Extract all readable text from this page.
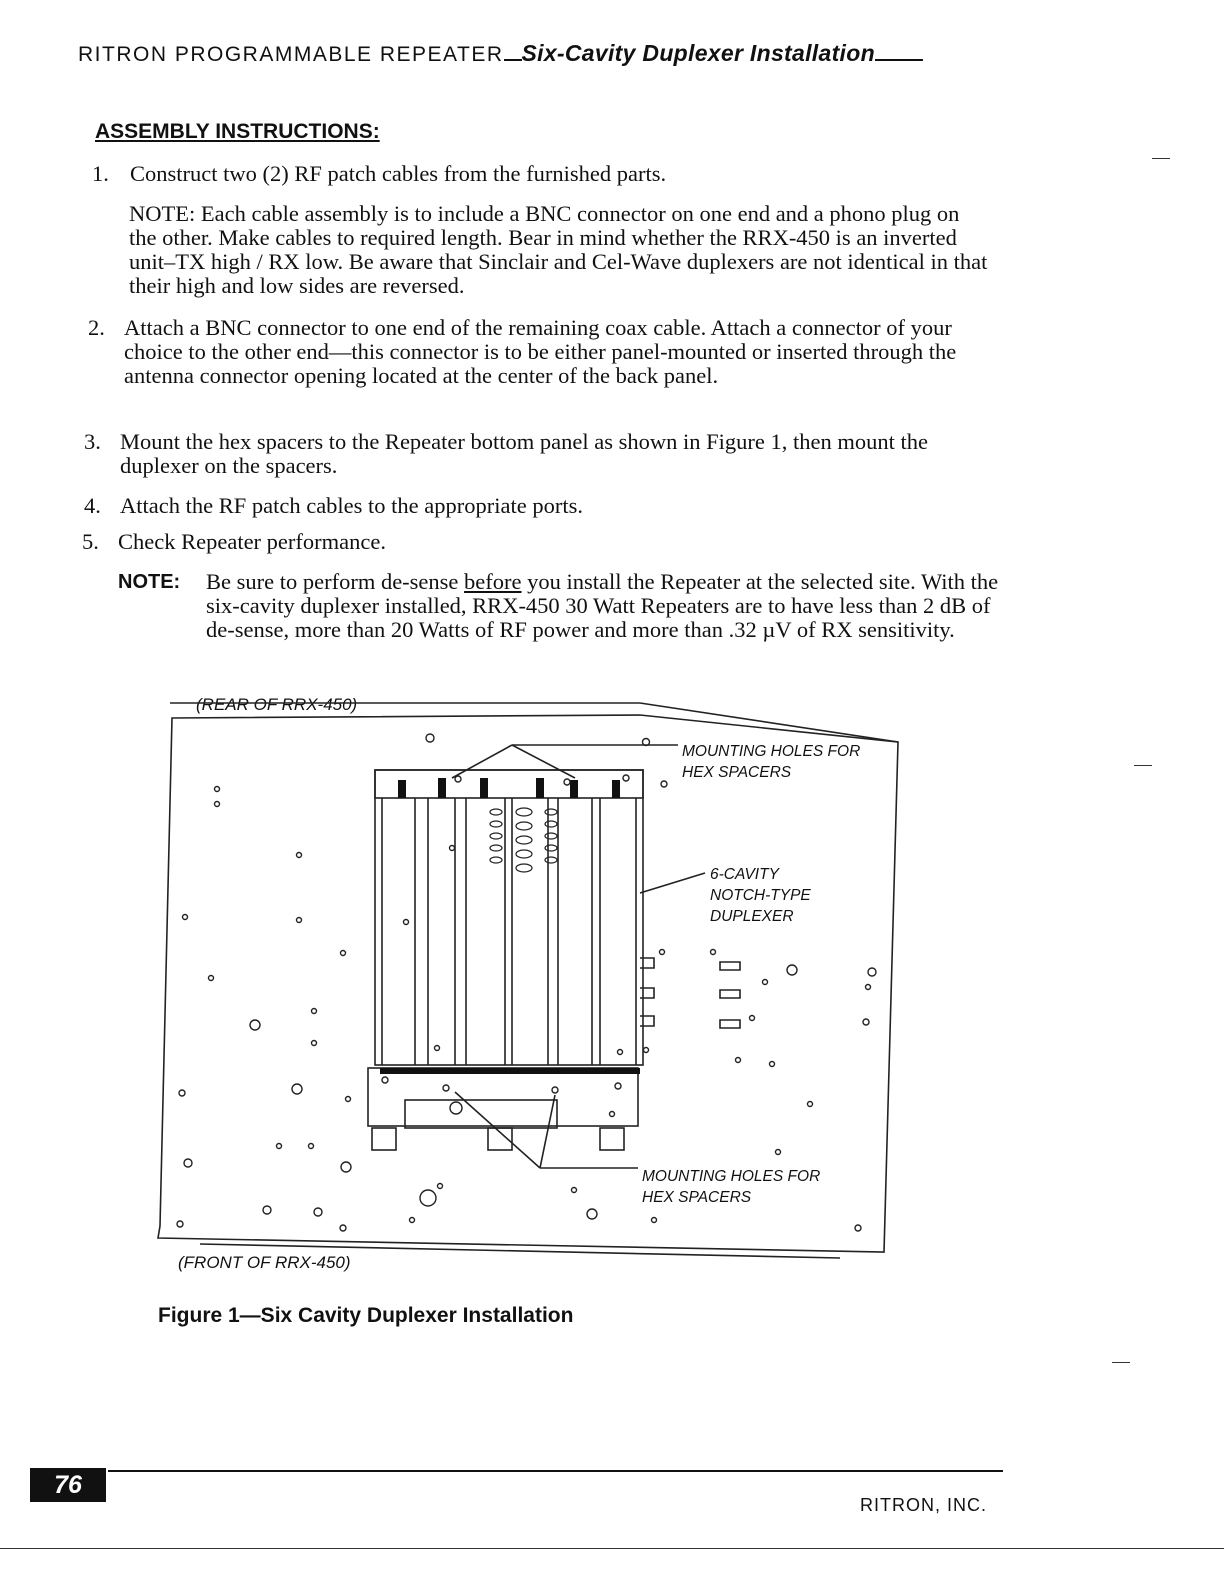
RITRON PROGRAMMABLE REPEATER Six-Cavity Duplexer Installation
ASSEMBLY INSTRUCTIONS:
1. Construct two (2) RF patch cables from the furnished parts.
NOTE: Each cable assembly is to include a BNC connector on one end and a phono plug on the other. Make cables to required length. Bear in mind whether the RRX-450 is an inverted unit–TX high / RX low. Be aware that Sinclair and Cel-Wave duplexers are not identical in that their high and low sides are reversed.
2. Attach a BNC connector to one end of the remaining coax cable. Attach a connector of your choice to the other end—this connector is to be either panel-mounted or inserted through the antenna connector opening located at the center of the back panel.
3. Mount the hex spacers to the Repeater bottom panel as shown in Figure 1, then mount the duplexer on the spacers.
4. Attach the RF patch cables to the appropriate ports.
5. Check Repeater performance.
NOTE: Be sure to perform de-sense before you install the Repeater at the selected site. With the six-cavity duplexer installed, RRX-450 30 Watt Repeaters are to have less than 2 dB of de-sense, more than 20 Watts of RF power and more than .32 µV of RX sensitivity.
(REAR OF RRX-450)
MOUNTING HOLES FOR
HEX SPACERS
6-CAVITY
NOTCH-TYPE
DUPLEXER
MOUNTING HOLES FOR
HEX SPACERS
(FRONT OF RRX-450)
Figure 1—Six Cavity Duplexer Installation
76
RITRON, INC.
